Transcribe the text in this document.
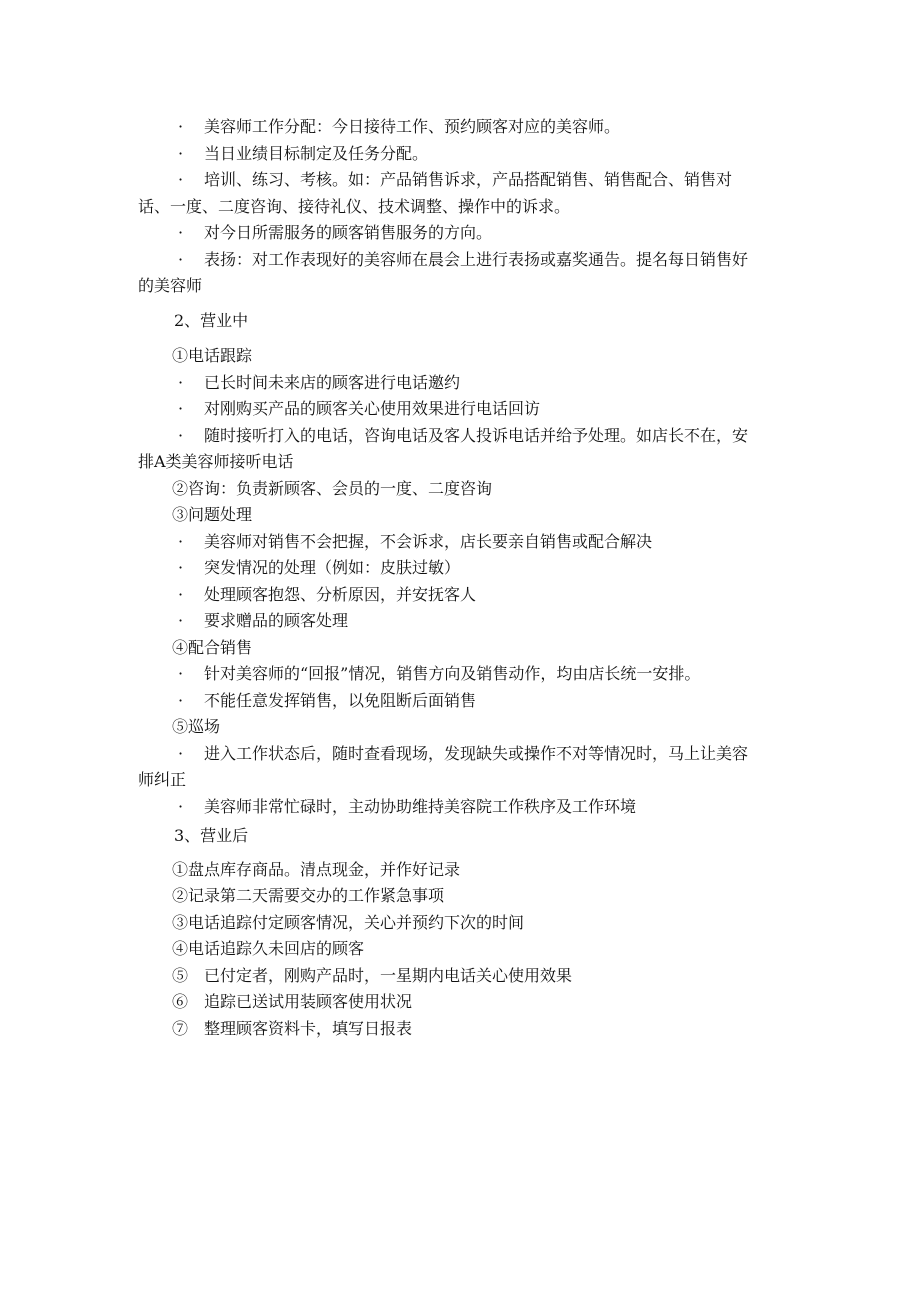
· 美容师工作分配：今日接待工作、预约顾客对应的美容师。
· 当日业绩目标制定及任务分配。
· 培训、练习、考核。如：产品销售诉求，产品搭配销售、销售配合、销售对
话、一度、二度咨询、接待礼仪、技术调整、操作中的诉求。
· 对今日所需服务的顾客销售服务的方向。
· 表扬：对工作表现好的美容师在晨会上进行表扬或嘉奖通告。提名每日销售好
的美容师
2、营业中
①电话跟踪
· 已长时间未来店的顾客进行电话邀约
· 对刚购买产品的顾客关心使用效果进行电话回访
· 随时接听打入的电话，咨询电话及客人投诉电话并给予处理。如店长不在，安
排A类美容师接听电话
②咨询：负责新顾客、会员的一度、二度咨询
③问题处理
· 美容师对销售不会把握，不会诉求，店长要亲自销售或配合解决
· 突发情况的处理（例如：皮肤过敏）
· 处理顾客抱怨、分析原因，并安抚客人
· 要求赠品的顾客处理
④配合销售
· 针对美容师的“回报”情况，销售方向及销售动作，均由店长统一安排。
· 不能任意发挥销售，以免阻断后面销售
⑤巡场
· 进入工作状态后，随时查看现场，发现缺失或操作不对等情况时，马上让美容
师纠正
· 美容师非常忙碌时，主动协助维持美容院工作秩序及工作环境
3、营业后
①盘点库存商品。清点现金，并作好记录
②记录第二天需要交办的工作紧急事项
③电话追踪付定顾客情况，关心并预约下次的时间
④电话追踪久未回店的顾客
⑤　已付定者，刚购产品时，一星期内电话关心使用效果
⑥　追踪已送试用装顾客使用状况
⑦　整理顾客资料卡，填写日报表
